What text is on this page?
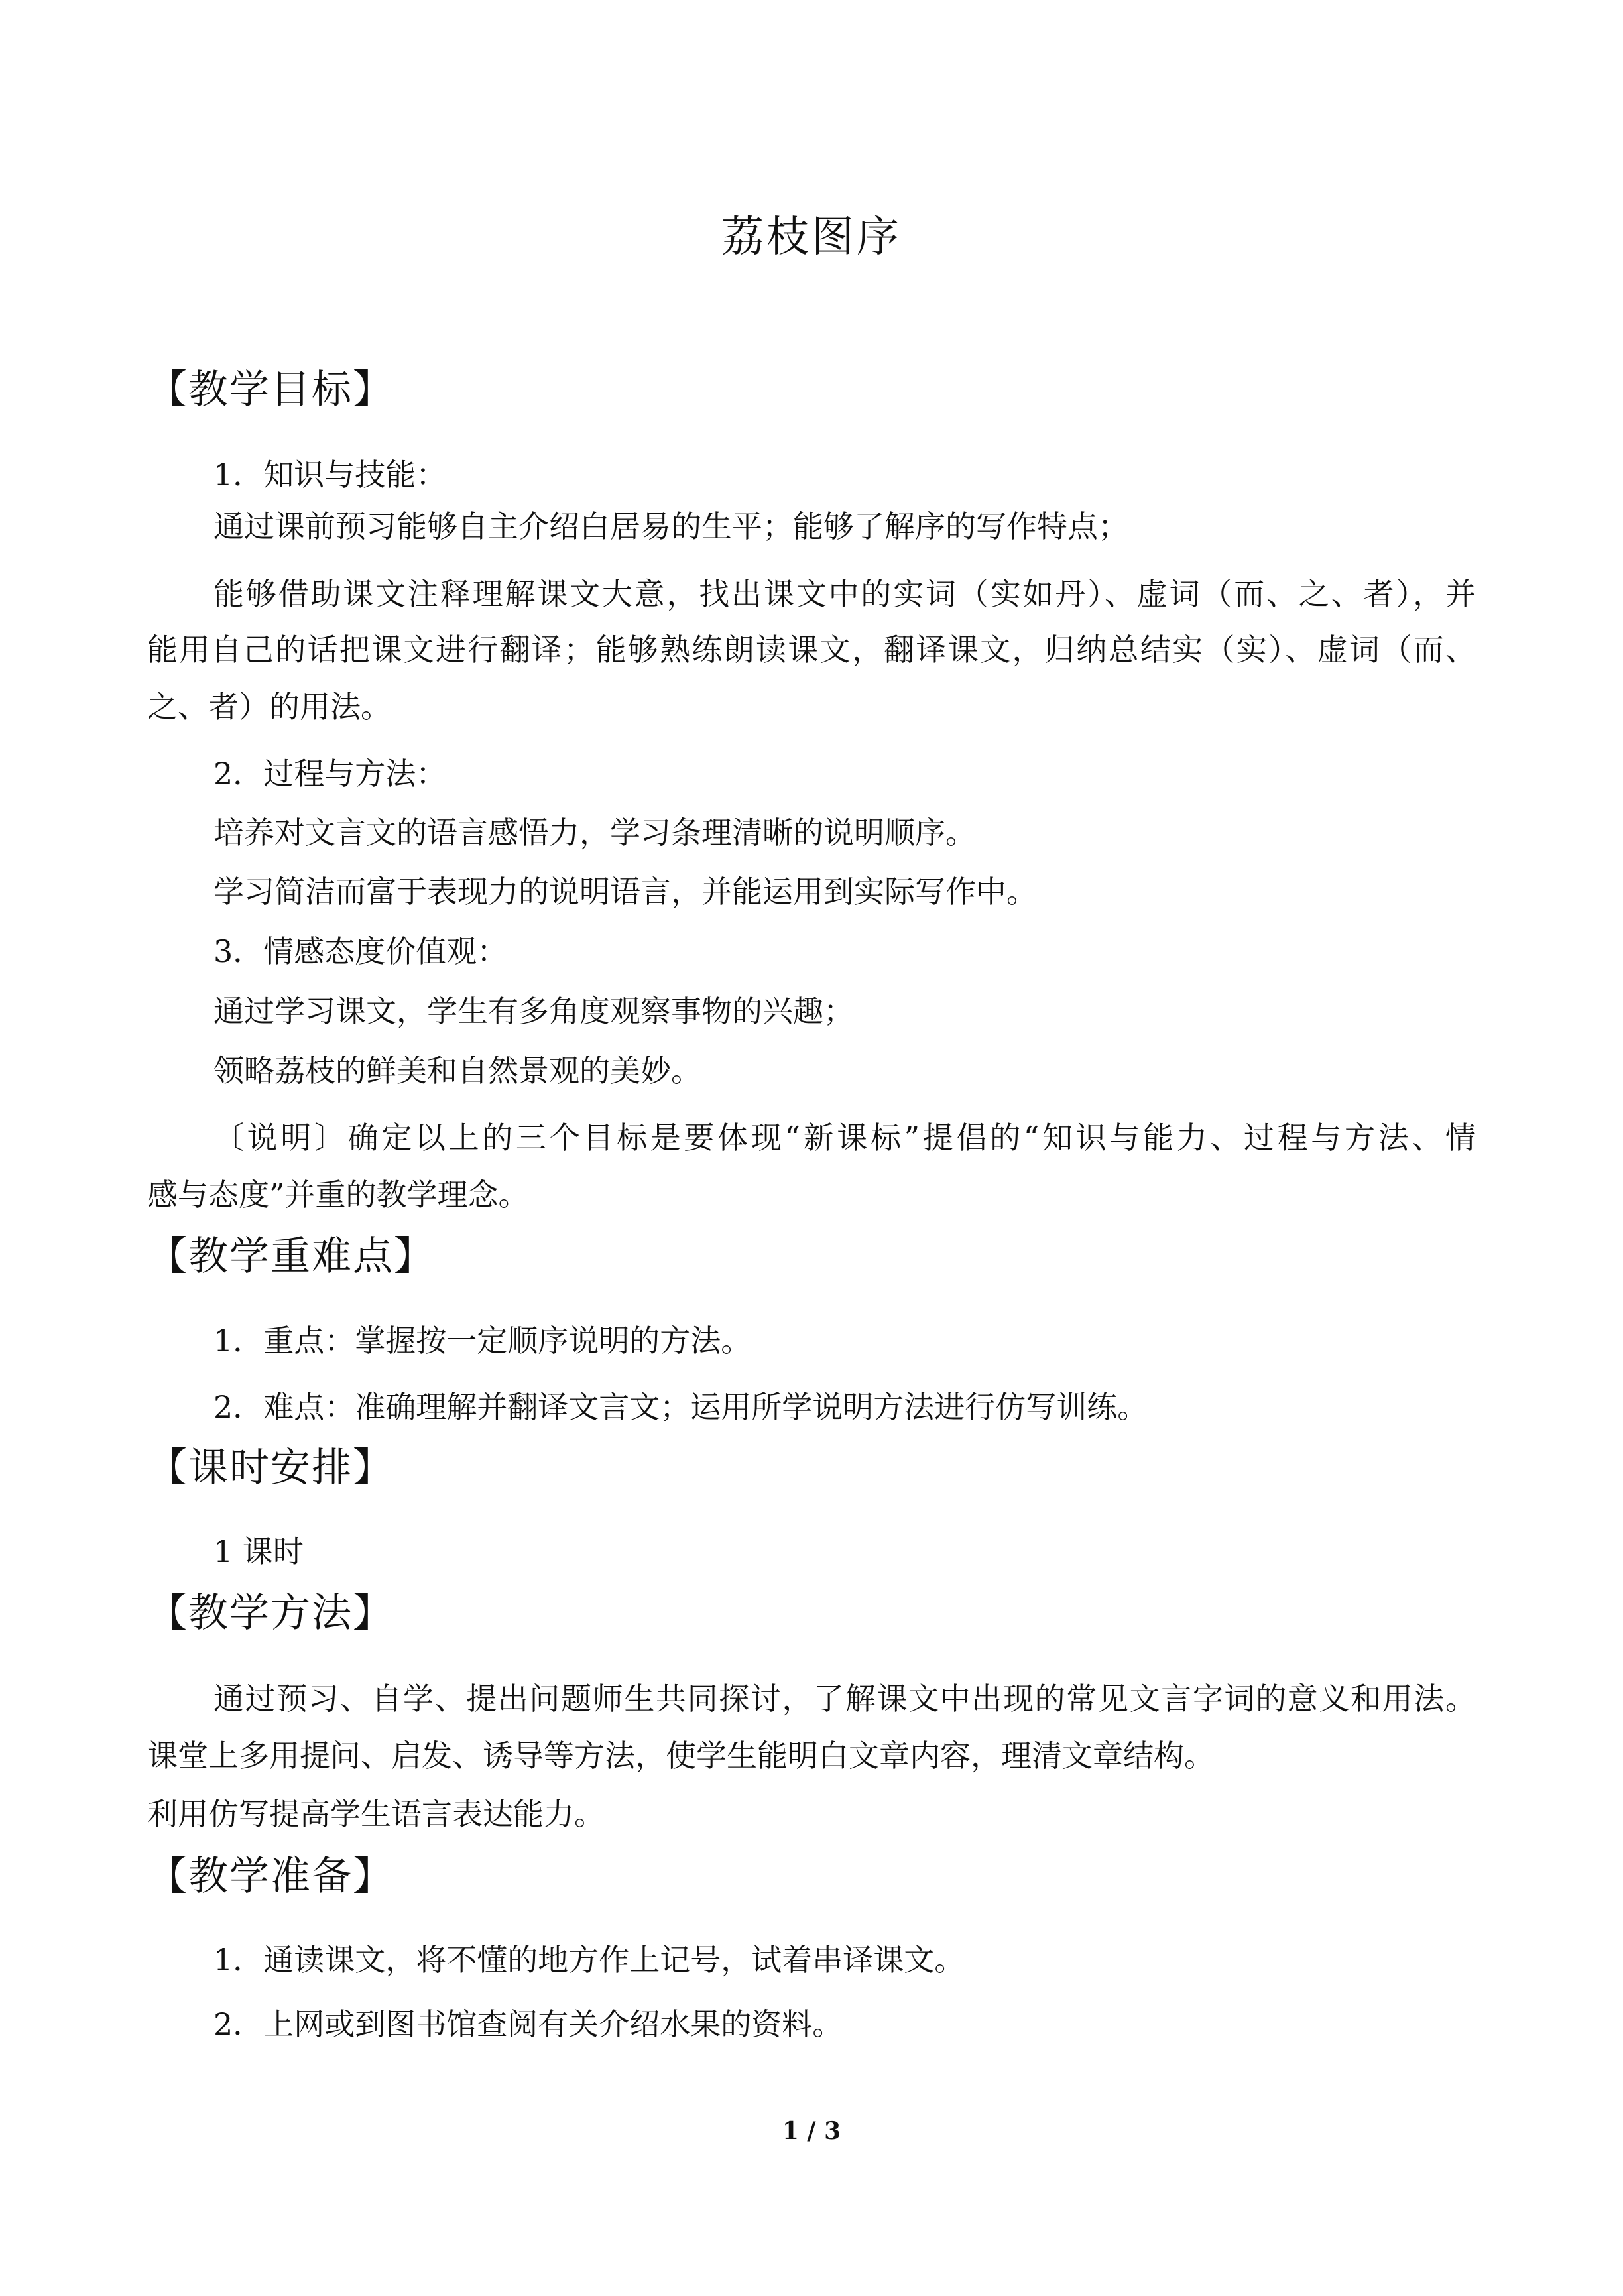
荔枝图序
【教学目标】
1．知识与技能：
通过课前预习能够自主介绍白居易的生平；能够了解序的写作特点；
能够借助课文注释理解课文大意，找出课文中的实词（实如丹）、虚词（而、之、者），并
能用自己的话把课文进行翻译；能够熟练朗读课文，翻译课文，归纳总结实（实）、虚词（而、
之、者）的用法。
2．过程与方法：
培养对文言文的语言感悟力，学习条理清晰的说明顺序。
学习简洁而富于表现力的说明语言，并能运用到实际写作中。
3．情感态度价值观：
通过学习课文，学生有多角度观察事物的兴趣；
领略荔枝的鲜美和自然景观的美妙。
〔说明〕确定以上的三个目标是要体现“新课标”提倡的“知识与能力、过程与方法、情
感与态度”并重的教学理念。
【教学重难点】
1．重点：掌握按一定顺序说明的方法。
2．难点：准确理解并翻译文言文；运用所学说明方法进行仿写训练。
【课时安排】
1 课时
【教学方法】
通过预习、自学、提出问题师生共同探讨，了解课文中出现的常见文言字词的意义和用法。
课堂上多用提问、启发、诱导等方法，使学生能明白文章内容，理清文章结构。
利用仿写提高学生语言表达能力。
【教学准备】
1．通读课文，将不懂的地方作上记号，试着串译课文。
2．上网或到图书馆查阅有关介绍水果的资料。
1 / 3
